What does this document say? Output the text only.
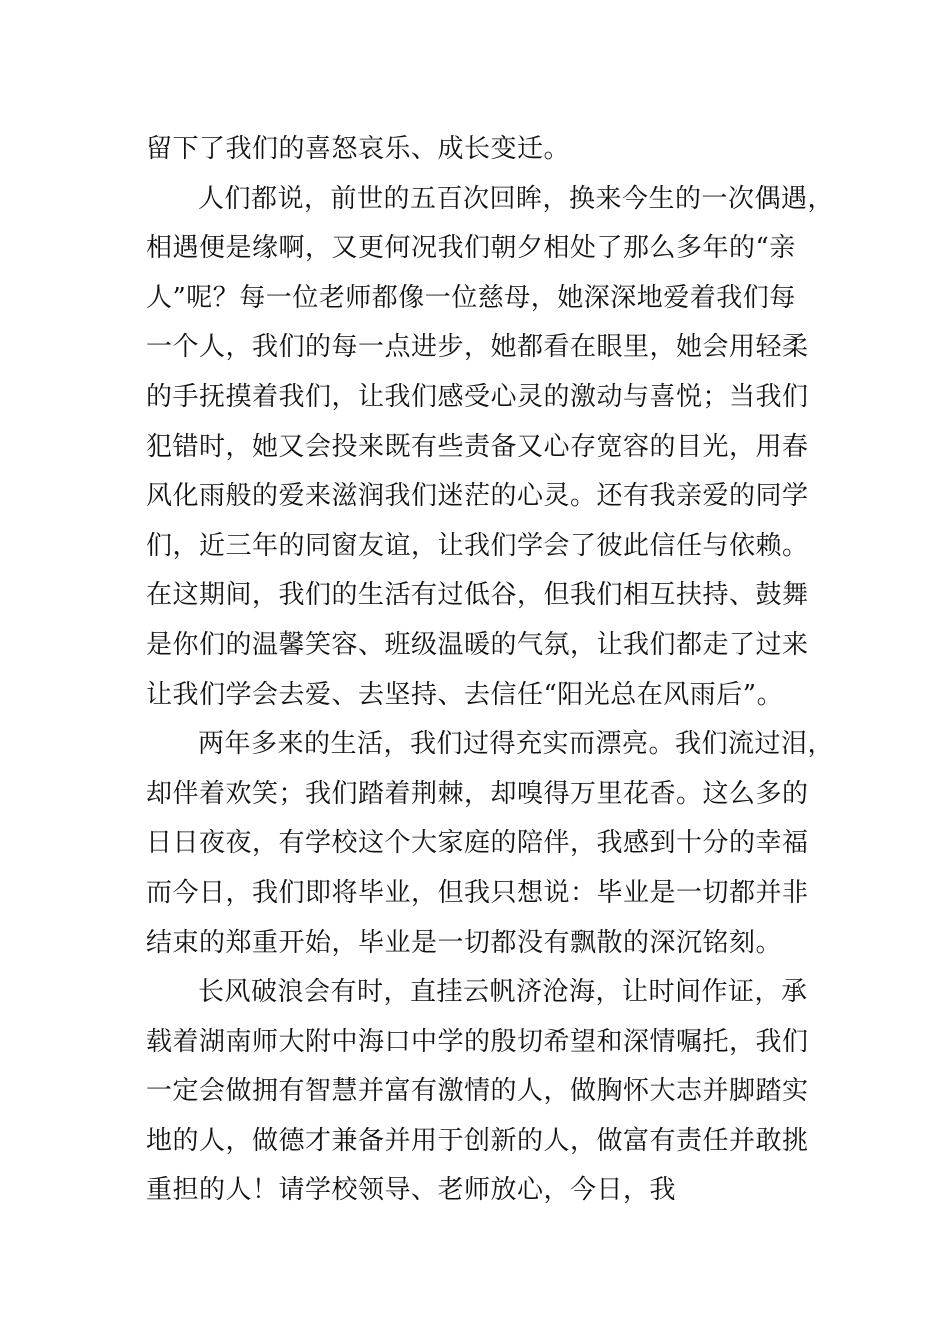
留下了我们的喜怒哀乐、成长变迁。
人们都说，前世的五百次回眸，换来今生的一次偶遇，
相遇便是缘啊，又更何况我们朝夕相处了那么多年的“亲
人”呢？每一位老师都像一位慈母，她深深地爱着我们每
一个人，我们的每一点进步，她都看在眼里，她会用轻柔
的手抚摸着我们，让我们感受心灵的激动与喜悦；当我们
犯错时，她又会投来既有些责备又心存宽容的目光，用春
风化雨般的爱来滋润我们迷茫的心灵。还有我亲爱的同学
们，近三年的同窗友谊，让我们学会了彼此信任与依赖。
在这期间，我们的生活有过低谷，但我们相互扶持、鼓舞
是你们的温馨笑容、班级温暖的气氛，让我们都走了过来
让我们学会去爱、去坚持、去信任“阳光总在风雨后”。
两年多来的生活，我们过得充实而漂亮。我们流过泪，
却伴着欢笑；我们踏着荆棘，却嗅得万里花香。这么多的
日日夜夜，有学校这个大家庭的陪伴，我感到十分的幸福
而今日，我们即将毕业，但我只想说：毕业是一切都并非
结束的郑重开始，毕业是一切都没有飘散的深沉铭刻。
长风破浪会有时，直挂云帆济沧海，让时间作证，承
载着湖南师大附中海口中学的殷切希望和深情嘱托，我们
一定会做拥有智慧并富有激情的人，做胸怀大志并脚踏实
地的人，做德才兼备并用于创新的人，做富有责任并敢挑
重担的人！请学校领导、老师放心，今日，我
